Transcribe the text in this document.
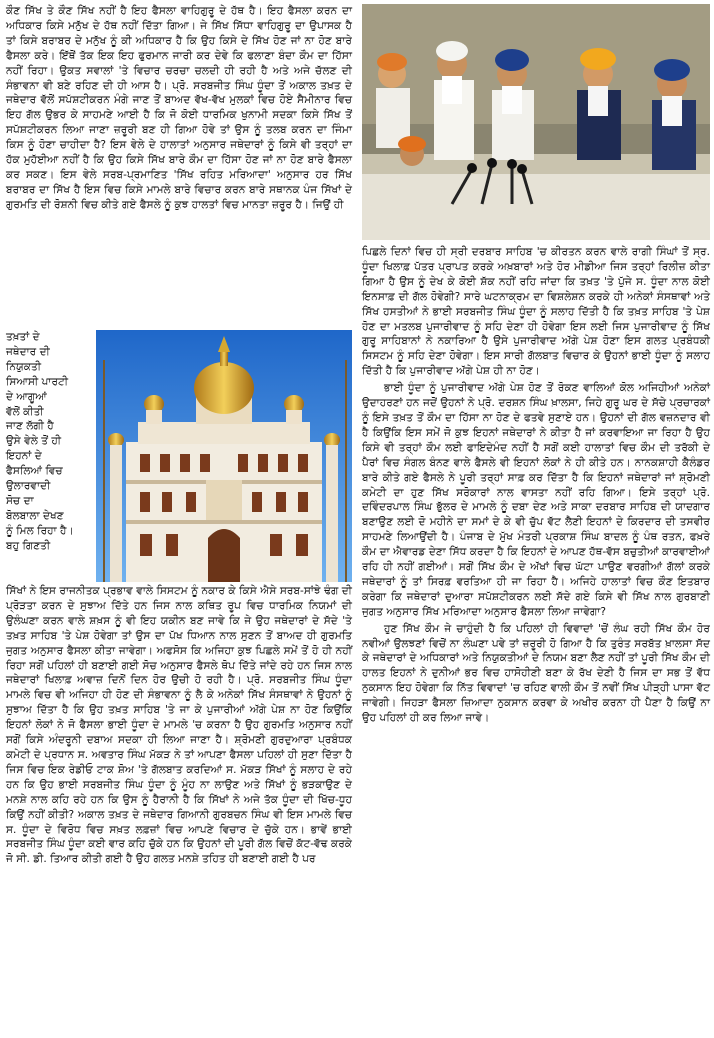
ਕੌਣ ਸਿੱਖ ਤੇ ਕੌਣ ਸਿੱਖ ਨਹੀਂ ਹੈ ਇਹ ਫੈਸਲਾ ਵਾਹਿਗੁਰੂ ਦੇ ਹੱਥ ਹੈ। ਇਹ ਫੈਸਲਾ ਕਰਨ ਦਾ ਅਧਿਕਾਰ ਕਿਸੇ ਮਨੁੱਖ ਦੇ ਹੱਥ ਨਹੀਂ ਦਿੱਤਾ ਗਿਆ। ਜੇ ਸਿੱਖ ਸਿੱਧਾ ਵਾਹਿਗੁਰੂ ਦਾ ਉਪਾਸਕ ਹੈ ਤਾਂ ਕਿਸੇ ਬਰਾਬਰ ਦੇ ਮਨੁੱਖ ਨੂੰ ਕੀ ਅਧਿਕਾਰ ਹੈ ਕਿ ਉਹ ਕਿਸੇ ਦੇ ਸਿੱਖ ਹੋਣ ਜਾਂ ਨਾ ਹੋਣ ਬਾਰੇ ਫੈਸਲਾ ਕਰੇ। ਇੱਥੋਂ ਤੱਕ ਇਕ ਇਹ ਫੁਰਮਾਨ ਜਾਰੀ ਕਰ ਦੇਵੇ ਕਿ ਫਲਾਣਾ ਬੰਦਾ ਕੌਮ ਦਾ ਹਿੱਸਾ ਨਹੀਂ ਰਿਹਾ। ਉਕਤ ਸਵਾਲਾਂ 'ਤੇ ਵਿਚਾਰ ਚਰਚਾ ਚਲਦੀ ਹੀ ਰਹੀ ਹੈ ਅਤੇ ਅਜੇ ਚੱਲਣ ਦੀ ਸੰਭਾਵਨਾ ਵੀ ਬਣੇ ਰਹਿਣ ਦੀ ਹੀ ਆਸ ਹੈ। ਪ੍ਰੋ. ਸਰਬਜੀਤ ਸਿੰਘ ਧੂੰਦਾ ਤੋਂ ਅਕਾਲ ਤਖ਼ਤ ਦੇ ਜਥੇਦਾਰ ਵੱਲੋਂ ਸਪੱਸ਼ਟੀਕਰਨ ਮੰਗੇ ਜਾਣ ਤੋਂ ਬਾਅਦ ਵੱਖ-ਵੱਖ ਮੁਲਕਾਂ ਵਿਚ ਹੋਏ ਸੈਮੀਨਾਰ ਵਿਚ ਇਹ ਗੱਲ ਉਭਰ ਕੇ ਸਾਹਮਣੇ ਆਈ ਹੈ ਕਿ ਜੋ ਕੋਈ ਧਾਰਮਿਕ ਖੁਨਾਮੀ ਸਦਕਾ ਕਿਸੇ ਸਿੱਖ ਤੋਂ ਸਪੱਸ਼ਟੀਕਰਨ ਲਿਆ ਜਾਣਾ ਜ਼ਰੂਰੀ ਬਣ ਹੀ ਗਿਆ ਹੋਵੇ ਤਾਂ ਉਸ ਨੂੰ ਤਲਬ ਕਰਨ ਦਾ ਜਿੰਮਾ ਕਿਸ ਨੂੰ ਹੋਣਾ ਚਾਹੀਦਾ ਹੈ? ਇਸ ਵੇਲੇ ਦੇ ਹਾਲਾਤਾਂ ਅਨੁਸਾਰ ਜਥੇਦਾਰਾਂ ਨੂੰ ਕਿਸੇ ਵੀ ਤਰ੍ਹਾਂ ਦਾ ਹੱਕ ਮੁਹੱਈਆ ਨਹੀਂ ਹੈ ਕਿ ਉਹ ਕਿਸੇ ਸਿੱਖ ਬਾਰੇ ਕੌਮ ਦਾ ਹਿੱਸਾ ਹੋਣ ਜਾਂ ਨਾ ਹੋਣ ਬਾਰੇ ਫੈਸਲਾ ਕਰ ਸਕਣ। ਇਸ ਵੇਲੇ ਸਰਬ-ਪ੍ਰਮਾਣਿਤ 'ਸਿੱਖ ਰਹਿਤ ਮਰਿਆਦਾ' ਅਨੁਸਾਰ ਹਰ ਸਿੱਖ ਬਰਾਬਰ ਦਾ ਸਿੱਖ ਹੈ ਇਸ ਵਿਚ ਕਿਸੇ ਮਾਮਲੇ ਬਾਰੇ ਵਿਚਾਰ ਕਰਨ ਬਾਰੇ ਸਥਾਨਕ ਪੰਜ ਸਿੱਖਾਂ ਦੇ ਗੁਰਮਤਿ ਦੀ ਰੋਸ਼ਨੀ ਵਿਚ ਕੀਤੇ ਗਏ ਫੈਸਲੇ ਨੂੰ ਕੁਝ ਹਾਲਤਾਂ ਵਿਚ ਮਾਨਤਾ ਜ਼ਰੂਰ ਹੈ। ਜਿਉਂ ਹੀ

ਤਖ਼ਤਾਂ ਦੇ
ਜਥੇਦਾਰ ਦੀ
ਨਿਯੁਕਤੀ
ਸਿਆਸੀ ਪਾਰਟੀ
ਦੇ ਆਗੂਆਂ
ਵੱਲੋਂ ਕੀਤੀ
ਜਾਣ ਲੱਗੀ ਹੈ
ਉਸੇ ਵੇਲੇ ਤੋਂ ਹੀ
ਇਹਨਾਂ ਦੇ
ਫੈਸਲਿਆਂ ਵਿਚ
ਉਲਾਰਵਾਦੀ
ਸੋਚ ਦਾ
ਬੋਲਬਾਲਾ ਦੇਖਣ
ਨੂੰ ਮਿਲ ਰਿਹਾ ਹੈ।
ਬਹੁ ਗਿਣਤੀ

ਸਿੱਖਾਂ ਨੇ ਇਸ ਰਾਜਨੀਤਕ ਪ੍ਰਭਾਵ ਵਾਲੇ ਸਿਸਟਮ ਨੂੰ ਨਕਾਰ ਕੇ ਕਿਸੇ ਐਸੇ ਸਰਬ-ਸਾਂਝੇ ਢੰਗ ਦੀ ਪ੍ਰੋੜਤਾ ਕਰਨ ਦੇ ਸੁਝਾਅ ਦਿੱਤੇ ਹਨ ਜਿਸ ਨਾਲ ਕਥਿਤ ਰੂਪ ਵਿਚ ਧਾਰਮਿਕ ਨਿਯਮਾਂ ਦੀ ਉਲੰਘਣਾ ਕਰਨ ਵਾਲੇ ਸ਼ਖ਼ਸ ਨੂੰ ਵੀ ਇਹ ਯਕੀਨ ਬਣ ਜਾਵੇ ਕਿ ਜੇ ਉਹ ਜਥੇਦਾਰਾਂ ਦੇ ਸੱਦੇ 'ਤੇ ਤਖ਼ਤ ਸਾਹਿਬ 'ਤੇ ਪੇਸ਼ ਹੋਵੇਗਾ ਤਾਂ ਉਸ ਦਾ ਪੱਖ ਧਿਆਨ ਨਾਲ ਸੁਣਨ ਤੋਂ ਬਾਅਦ ਹੀ ਗੁਰਮਤਿ ਜੁਗਤ ਅਨੁਸਾਰ ਫੈਸਲਾ ਕੀਤਾ ਜਾਵੇਗਾ। ਅਫਸੋਸ ਕਿ ਅਜਿਹਾ ਕੁਝ ਪਿਛਲੇ ਸਮੇਂ ਤੋਂ ਹੋ ਹੀ ਨਹੀਂ ਰਿਹਾ ਸਗੋਂ ਪਹਿਲਾਂ ਹੀ ਬਣਾਈ ਗਈ ਸੋਚ ਅਨੁਸਾਰ ਫੈਸਲੇ ਥੋਪ ਦਿੱਤੇ ਜਾਂਦੇ ਰਹੇ ਹਨ ਜਿਸ ਨਾਲ ਜਥੇਦਾਰਾਂ ਖਿਲਾਫ਼ ਅਵਾਜ਼ ਦਿਨੋਂ ਦਿਨ ਹੋਰ ਉਚੀ ਹੋ ਰਹੀ ਹੈ। ਪ੍ਰੋ. ਸਰਬਜੀਤ ਸਿੰਘ ਧੂੰਦਾ ਮਾਮਲੇ ਵਿਚ ਵੀ ਅਜਿਹਾ ਹੀ ਹੋਣ ਦੀ ਸੰਭਾਵਨਾ ਨੂੰ ਲੈ ਕੇ ਅਨੇਕਾਂ ਸਿੱਖ ਸੰਸਥਾਵਾਂ ਨੇ ਉਹਨਾਂ ਨੂੰ ਸੁਝਾਅ ਦਿੱਤਾ ਹੈ ਕਿ ਉਹ ਤਖ਼ਤ ਸਾਹਿਬ 'ਤੇ ਜਾ ਕੇ ਪੁਜਾਰੀਆਂ ਅੱਗੇ ਪੇਸ਼ ਨਾ ਹੋਣ ਕਿਉਂਕਿ ਇਹਨਾਂ ਲੋਕਾਂ ਨੇ ਜੋ ਫੈਸਲਾ ਭਾਈ ਧੂੰਦਾ ਦੇ ਮਾਮਲੇ 'ਚ ਕਰਨਾ ਹੈ ਉਹ ਗੁਰਮਤਿ ਅਨੁਸਾਰ ਨਹੀਂ ਸਗੋਂ ਕਿਸੇ ਅੰਦਰੂਨੀ ਦਬਾਅ ਸਦਕਾ ਹੀ ਲਿਆ ਜਾਣਾ ਹੈ। ਸ਼੍ਰੋਮਣੀ ਗੁਰਦੁਆਰਾ ਪ੍ਰਬੰਧਕ ਕਮੇਟੀ ਦੇ ਪ੍ਰਧਾਨ ਸ. ਅਵਤਾਰ ਸਿੰਘ ਮੱਕੜ ਨੇ ਤਾਂ ਆਪਣਾ ਫੈਸਲਾ ਪਹਿਲਾਂ ਹੀ ਸੁਣਾ ਦਿੱਤਾ ਹੈ ਜਿਸ ਵਿਚ ਇਕ ਰੇਡੀਓ ਟਾਕ ਸ਼ੋਅ 'ਤੇ ਗੱਲਬਾਤ ਕਰਦਿਆਂ ਸ. ਮੱਕੜ ਸਿੱਖਾਂ ਨੂੰ ਸਲਾਹ ਦੇ ਰਹੇ ਹਨ ਕਿ ਉਹ ਭਾਈ ਸਰਬਜੀਤ ਸਿੰਘ ਧੂੰਦਾ ਨੂੰ ਮੂੰਹ ਨਾ ਲਾਉਣ ਅਤੇ ਸਿੱਖਾਂ ਨੂੰ ਭੜਕਾਉਣ ਦੇ ਮਨਸ਼ੇ ਨਾਲ ਕਹਿ ਰਹੇ ਹਨ ਕਿ ਉਸ ਨੂੰ ਹੈਰਾਨੀ ਹੈ ਕਿ ਸਿੱਖਾਂ ਨੇ ਅਜੇ ਤੱਕ ਧੂੰਦਾ ਦੀ ਖਿੱਚ-ਧੂਹ ਕਿਉਂ ਨਹੀਂ ਕੀਤੀ? ਅਕਾਲ ਤਖ਼ਤ ਦੇ ਜਥੇਦਾਰ ਗਿਆਨੀ ਗੁਰਬਚਨ ਸਿੰਘ ਵੀ ਇਸ ਮਾਮਲੇ ਵਿਚ ਸ. ਧੂੰਦਾ ਦੇ ਵਿਰੋਧ ਵਿਚ ਸਖ਼ਤ ਲਫ਼ਜ਼ਾਂ ਵਿਚ ਆਪਣੇ ਵਿਚਾਰ ਦੇ ਚੁੱਕੇ ਹਨ। ਭਾਵੇਂ ਭਾਈ ਸਰਬਜੀਤ ਸਿੰਘ ਧੂੰਦਾ ਕਈ ਵਾਰ ਕਹਿ ਚੁੱਕੇ ਹਨ ਕਿ ਉਹਨਾਂ ਦੀ ਪੂਰੀ ਗੱਲ ਵਿਚੋਂ ਕੱਟ-ਵੱਢ ਕਰਕੇ ਜੋ ਸੀ. ਡੀ. ਤਿਆਰ ਕੀਤੀ ਗਈ ਹੈ ਉਹ ਗਲਤ ਮਨਸ਼ੇ ਤਹਿਤ ਹੀ ਬਣਾਈ ਗਈ ਹੈ ਪਰ

ਪਿਛਲੇ ਦਿਨਾਂ ਵਿਚ ਹੀ ਸ੍ਰੀ ਦਰਬਾਰ ਸਾਹਿਬ 'ਚ ਕੀਰਤਨ ਕਰਨ ਵਾਲੇ ਰਾਗੀ ਸਿੰਘਾਂ ਤੋਂ ਸ੍ਰ. ਧੂੰਦਾ ਖਿਲਾਫ਼ ਪੱਤਰ ਪ੍ਰਾਪਤ ਕਰਕੇ ਅਖ਼ਬਾਰਾਂ ਅਤੇ ਹੋਰ ਮੀਡੀਆ ਜਿਸ ਤਰ੍ਹਾਂ ਰਿਲੀਜ਼ ਕੀਤਾ ਗਿਆ ਹੈ ਉਸ ਨੂੰ ਦੇਖ ਕੇ ਕੋਈ ਸ਼ੱਕ ਨਹੀਂ ਰਹਿ ਜਾਂਦਾ ਕਿ ਤਖ਼ਤ 'ਤੇ ਪੁੱਜੇ ਸ. ਧੂੰਦਾ ਨਾਲ ਕੋਈ ਇਨਸਾਫ਼ ਦੀ ਗੱਲ ਹੋਵੇਗੀ? ਸਾਰੇ ਘਟਨਾਕ੍ਰਮ ਦਾ ਵਿਸ਼ਲੇਸ਼ਨ ਕਰਕੇ ਹੀ ਅਨੇਕਾਂ ਸੰਸਥਾਵਾਂ ਅਤੇ ਸਿੱਖ ਹਸਤੀਆਂ ਨੇ ਭਾਈ ਸਰਬਜੀਤ ਸਿੰਘ ਧੂੰਦਾ ਨੂੰ ਸਲਾਹ ਦਿੱਤੀ ਹੈ ਕਿ ਤਖ਼ਤ ਸਾਹਿਬ 'ਤੇ ਪੇਸ਼ ਹੋਣ ਦਾ ਮਤਲਬ ਪੁਜਾਰੀਵਾਦ ਨੂੰ ਸਹਿ ਦੇਣਾ ਹੀ ਹੋਵੇਗਾ ਇਸ ਲਈ ਜਿਸ ਪੁਜਾਰੀਵਾਦ ਨੂੰ ਸਿੱਖ ਗੁਰੂ ਸਾਹਿਬਾਨਾਂ ਨੇ ਨਕਾਰਿਆ ਹੈ ਉਸੇ ਪੁਜਾਰੀਵਾਦ ਅੱਗੇ ਪੇਸ਼ ਹੋਣਾ ਇਸ ਗਲਤ ਪ੍ਰਬੰਧਕੀ ਸਿਸਟਮ ਨੂੰ ਸਹਿ ਦੇਣਾ ਹੋਵੇਗਾ। ਇਸ ਸਾਰੀ ਗੱਲਬਾਤ ਵਿਚਾਰ ਕੇ ਉਹਨਾਂ ਭਾਈ ਧੂੰਦਾ ਨੂੰ ਸਲਾਹ ਦਿੱਤੀ ਹੈ ਕਿ ਪੁਜਾਰੀਵਾਦ ਅੱਗੇ ਪੇਸ਼ ਹੀ ਨਾ ਹੋਣ।

ਭਾਈ ਧੂੰਦਾ ਨੂੰ ਪੁਜਾਰੀਵਾਦ ਅੱਗੇ ਪੇਸ਼ ਹੋਣ ਤੋਂ ਰੋਕਣ ਵਾਲਿਆਂ ਕੋਲ ਅਜਿਹੀਆਂ ਅਨੇਕਾਂ ਉਦਾਹਰਣਾਂ ਹਨ ਜਦੋਂ ਉਹਨਾਂ ਨੇ ਪ੍ਰੋ. ਦਰਸ਼ਨ ਸਿੰਘ ਖ਼ਾਲਸਾ, ਜਿਹੇ ਗੁਰੂ ਘਰ ਦੇ ਸੱਚੇ ਪ੍ਰਚਾਰਕਾਂ ਨੂੰ ਇਸੇ ਤਖ਼ਤ ਤੋਂ ਕੌਮ ਦਾ ਹਿੱਸਾ ਨਾ ਹੋਣ ਦੇ ਫਤਵੇ ਸੁਣਾਏ ਹਨ। ਉਹਨਾਂ ਦੀ ਗੱਲ ਵਜ਼ਨਦਾਰ ਵੀ ਹੈ ਕਿਉਂਕਿ ਇਸ ਸਮੇਂ ਜੋ ਕੁਝ ਇਹਨਾਂ ਜਥੇਦਾਰਾਂ ਨੇ ਕੀਤਾ ਹੈ ਜਾਂ ਕਰਵਾਇਆ ਜਾ ਰਿਹਾ ਹੈ ਉਹ ਕਿਸੇ ਵੀ ਤਰ੍ਹਾਂ ਕੌਮ ਲਈ ਫਾਇਦੇਮੰਦ ਨਹੀਂ ਹੈ ਸਗੋਂ ਕਈ ਹਾਲਾਤਾਂ ਵਿਚ ਕੌਮ ਦੀ ਤਰੱਕੀ ਦੇ ਪੈਰਾਂ ਵਿਚ ਸੰਗਲ ਬੰਨਣ ਵਾਲੇ ਫੈਸਲੇ ਵੀ ਇਹਨਾਂ ਲੋਕਾਂ ਨੇ ਹੀ ਕੀਤੇ ਹਨ। ਨਾਨਕਸ਼ਾਹੀ ਕੈਲੰਡਰ ਬਾਰੇ ਕੀਤੇ ਗਏ ਫੈਸਲੇ ਨੇ ਪੂਰੀ ਤਰ੍ਹਾਂ ਸਾਫ਼ ਕਰ ਦਿੱਤਾ ਹੈ ਕਿ ਇਹਨਾਂ ਜਥੇਦਾਰਾਂ ਜਾਂ ਸ਼੍ਰੋਮਣੀ ਕਮੇਟੀ ਦਾ ਹੁਣ ਸਿੱਖ ਸਰੋਕਾਰਾਂ ਨਾਲ ਵਾਸਤਾ ਨਹੀਂ ਰਹਿ ਗਿਆ। ਇਸੇ ਤਰ੍ਹਾਂ ਪ੍ਰੋ. ਦਵਿੰਦਰਪਾਲ ਸਿੰਘ ਭੁੱਲਰ ਦੇ ਮਾਮਲੇ ਨੂੰ ਦਬਾ ਦੇਣ ਅਤੇ ਸਾਕਾ ਦਰਬਾਰ ਸਾਹਿਬ ਦੀ ਯਾਦਗਾਰ ਬਣਾਉਣ ਲਈ ਦੋ ਮਹੀਨੇ ਦਾ ਸਮਾਂ ਦੇ ਕੇ ਵੀ ਚੁੱਪ ਵੱਟ ਲੈਣੀ ਇਹਨਾਂ ਦੇ ਕਿਰਦਾਰ ਦੀ ਤਸਵੀਰ ਸਾਹਮਣੇ ਲਿਆਉਂਦੀ ਹੈ। ਪੰਜਾਬ ਦੇ ਮੁੱਖ ਮੰਤਰੀ ਪ੍ਰਕਾਸ਼ ਸਿੰਘ ਬਾਦਲ ਨੂੰ ਪੰਥ ਰਤਨ, ਫਖ਼ਰੇ ਕੌਮ ਦਾ ਐਵਾਰਡ ਦੇਣਾ ਸਿੱਧ ਕਰਦਾ ਹੈ ਕਿ ਇਹਨਾਂ ਦੇ ਆਪਣ ਹੱਥ-ਵੱਸ ਬਚੁਤੀਆਂ ਕਾਰਵਾਈਆਂ ਰਹਿ ਹੀ ਨਹੀਂ ਗਈਆਂ। ਸਗੋਂ ਸਿੱਖ ਕੌਮ ਦੇ ਅੱਖਾਂ ਵਿਚ ਘੱਟਾ ਪਾਉਣ ਵਰਗੀਆਂ ਗੱਲਾਂ ਕਰਕੇ ਜਥੇਦਾਰਾਂ ਨੂੰ ਤਾਂ ਸਿਰਫ਼ ਵਰਤਿਆ ਹੀ ਜਾ ਰਿਹਾ ਹੈ। ਅਜਿਹੇ ਹਾਲਾਤਾਂ ਵਿਚ ਕੌਣ ਇਤਬਾਰ ਕਰੇਗਾ ਕਿ ਜਥੇਦਾਰਾਂ ਦੁਆਰਾ ਸਪੱਸ਼ਟੀਕਰਨ ਲਈ ਸੱਦੇ ਗਏ ਕਿਸੇ ਵੀ ਸਿੱਖ ਨਾਲ ਗੁਰਬਾਣੀ ਜੁਗਤ ਅਨੁਸਾਰ ਸਿੱਖ ਮਰਿਆਦਾ ਅਨੁਸਾਰ ਫੈਸਲਾ ਲਿਆ ਜਾਵੇਗਾ?

ਹੁਣ ਸਿੱਖ ਕੌਮ ਜੇ ਚਾਹੁੰਦੀ ਹੈ ਕਿ ਪਹਿਲਾਂ ਹੀ ਵਿਵਾਦਾਂ 'ਚੋਂ ਲੰਘ ਰਹੀ ਸਿੱਖ ਕੌਮ ਹੋਰ ਨਵੀਆਂ ਉਲਝਣਾਂ ਵਿਚੋਂ ਨਾ ਲੰਘਣਾ ਪਵੇ ਤਾਂ ਜ਼ਰੂਰੀ ਹੋ ਗਿਆ ਹੈ ਕਿ ਤੁਰੰਤ ਸਰਬੱਤ ਖ਼ਾਲਸਾ ਸੱਦ ਕੇ ਜਥੇਦਾਰਾਂ ਦੇ ਅਧਿਕਾਰਾਂ ਅਤੇ ਨਿਯੁਕਤੀਆਂ ਦੇ ਨਿਯਮ ਬਣਾ ਲੈਣ ਨਹੀਂ ਤਾਂ ਪੂਰੀ ਸਿੱਖ ਕੌਮ ਦੀ ਹਾਲਤ ਇਹਨਾਂ ਨੇ ਦੁਨੀਆਂ ਭਰ ਵਿਚ ਹਾਸੋਹੀਣੀ ਬਣਾ ਕੇ ਰੱਖ ਦੇਣੀ ਹੈ ਜਿਸ ਦਾ ਸਭ ਤੋਂ ਵੱਧ ਨੁਕਸਾਨ ਇਹ ਹੋਵੇਗਾ ਕਿ ਨਿੱਤ ਵਿਵਾਦਾਂ 'ਚ ਰਹਿਣ ਵਾਲੀ ਕੌਮ ਤੋਂ ਨਵੀਂ ਸਿੱਖ ਪੀੜ੍ਹੀ ਪਾਸਾ ਵੱਟ ਜਾਵੇਗੀ। ਜਿਹੜਾ ਫੈਸਲਾ ਜ਼ਿਆਦਾ ਨੁਕਸਾਨ ਕਰਵਾ ਕੇ ਅਖੀਰ ਕਰਨਾ ਹੀ ਪੈਣਾ ਹੈ ਕਿਉਂ ਨਾ ਉਹ ਪਹਿਲਾਂ ਹੀ ਕਰ ਲਿਆ ਜਾਵੇ।
